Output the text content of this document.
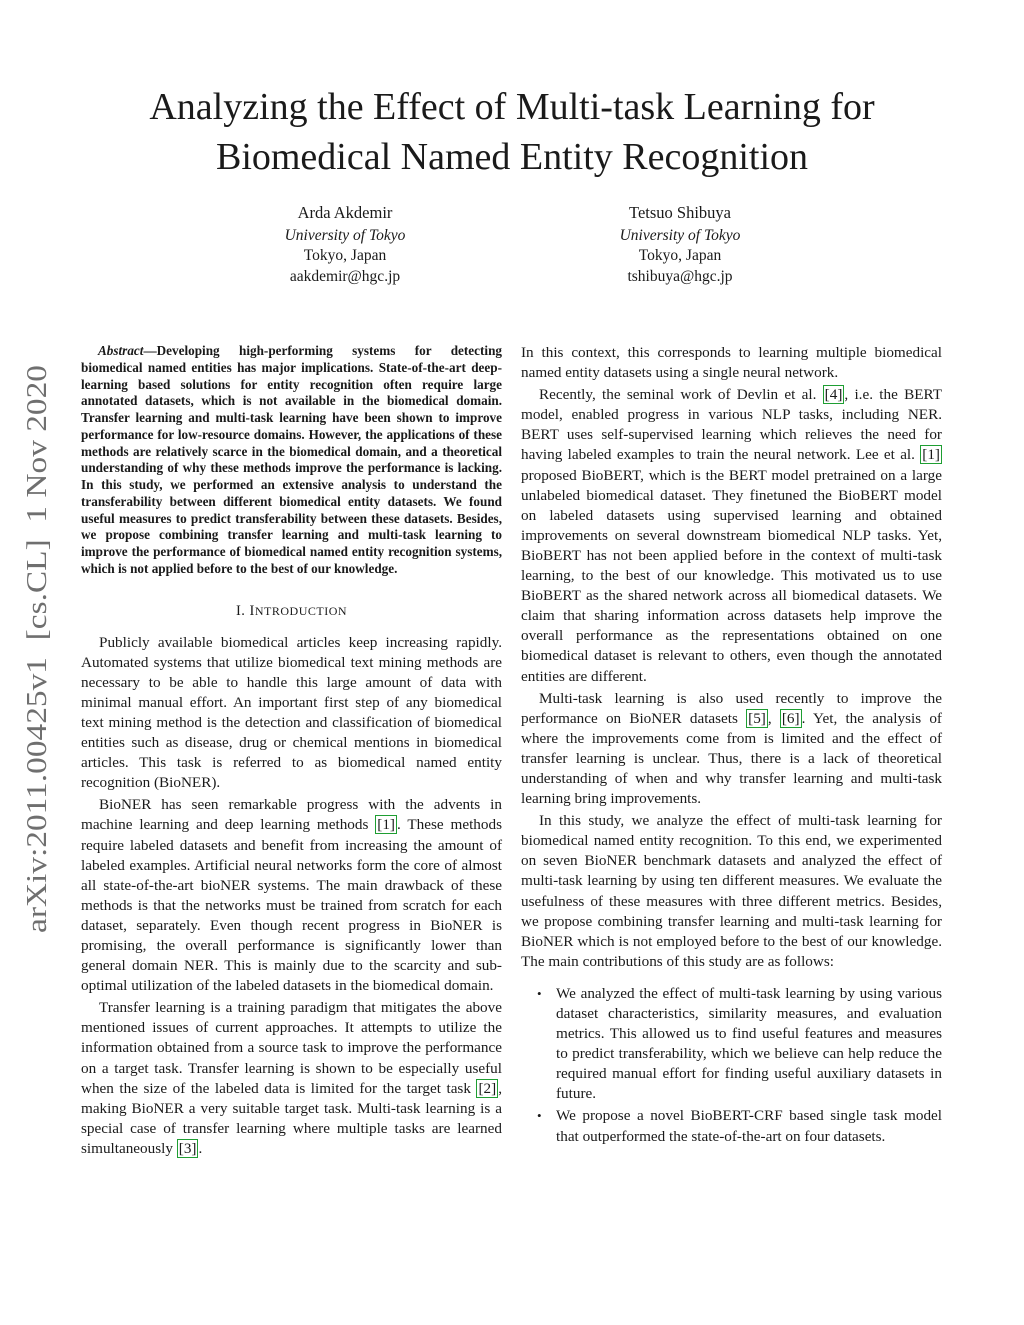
Analyzing the Effect of Multi-task Learning for
Biomedical Named Entity Recognition
Arda Akdemir
University of Tokyo
Tokyo, Japan
aakdemir@hgc.jp
Tetsuo Shibuya
University of Tokyo
Tokyo, Japan
tshibuya@hgc.jp
arXiv:2011.00425v1  [cs.CL]  1 Nov 2020

Abstract—Developing high-performing systems for detecting biomedical named entities has major implications. State-of-the-art deep-learning based solutions for entity recognition often require large annotated datasets, which is not available in the biomedical domain. Transfer learning and multi-task learning have been shown to improve performance for low-resource domains. However, the applications of these methods are relatively scarce in the biomedical domain, and a theoretical understanding of why these methods improve the performance is lacking. In this study, we performed an extensive analysis to understand the transferability between different biomedical entity datasets. We found useful measures to predict transferability between these datasets. Besides, we propose combining transfer learning and multi-task learning to improve the performance of biomedical named entity recognition systems, which is not applied before to the best of our knowledge.

I. INTRODUCTION

Publicly available biomedical articles keep increasing rapidly. Automated systems that utilize biomedical text mining methods are necessary to be able to handle this large amount of data with minimal manual effort. An important first step of any biomedical text mining method is the detection and classification of biomedical entities such as disease, drug or chemical mentions in biomedical articles. This task is referred to as biomedical named entity recognition (BioNER).

BioNER has seen remarkable progress with the advents in machine learning and deep learning methods [1] . These methods require labeled datasets and benefit from increasing the amount of labeled examples. Artificial neural networks form the core of almost all state-of-the-art bioNER systems. The main drawback of these methods is that the networks must be trained from scratch for each dataset, separately. Even though recent progress in BioNER is promising, the overall performance is significantly lower than general domain NER. This is mainly due to the scarcity and sub-optimal utilization of the labeled datasets in the biomedical domain.

Transfer learning is a training paradigm that mitigates the above mentioned issues of current approaches. It attempts to utilize the information obtained from a source task to improve the performance on a target task. Transfer learning is shown to be especially useful when the size of the labeled data is limited for the target task [2] , making BioNER a very suitable target task. Multi-task learning is a special case of transfer learning where multiple tasks are learned simultaneously [3] .

In this context, this corresponds to learning multiple biomedical named entity datasets using a single neural network.

Recently, the seminal work of Devlin et al. [4] , i.e. the BERT model, enabled progress in various NLP tasks, including NER. BERT uses self-supervised learning which relieves the need for having labeled examples to train the neural network. Lee et al. [1] proposed BioBERT, which is the BERT model pretrained on a large unlabeled biomedical dataset. They finetuned the BioBERT model on labeled datasets using supervised learning and obtained improvements on several downstream biomedical NLP tasks. Yet, BioBERT has not been applied before in the context of multi-task learning, to the best of our knowledge. This motivated us to use BioBERT as the shared network across all biomedical datasets. We claim that sharing information across datasets help improve the overall performance as the representations obtained on one biomedical dataset is relevant to others, even though the annotated entities are different.

Multi-task learning is also used recently to improve the performance on BioNER datasets [5] , [6] . Yet, the analysis of where the improvements come from is limited and the effect of transfer learning is unclear. Thus, there is a lack of theoretical understanding of when and why transfer learning and multi-task learning bring improvements.

In this study, we analyze the effect of multi-task learning for biomedical named entity recognition. To this end, we experimented on seven BioNER benchmark datasets and analyzed the effect of multi-task learning by using ten different measures. We evaluate the usefulness of these measures with three different metrics. Besides, we propose combining transfer learning and multi-task learning for BioNER which is not employed before to the best of our knowledge. The main contributions of this study are as follows:

• We analyzed the effect of multi-task learning by using various dataset characteristics, similarity measures, and evaluation metrics. This allowed us to find useful features and measures to predict transferability, which we believe can help reduce the required manual effort for finding useful auxiliary datasets in future.
• We propose a novel BioBERT-CRF based single task model that outperformed the state-of-the-art on four datasets.
